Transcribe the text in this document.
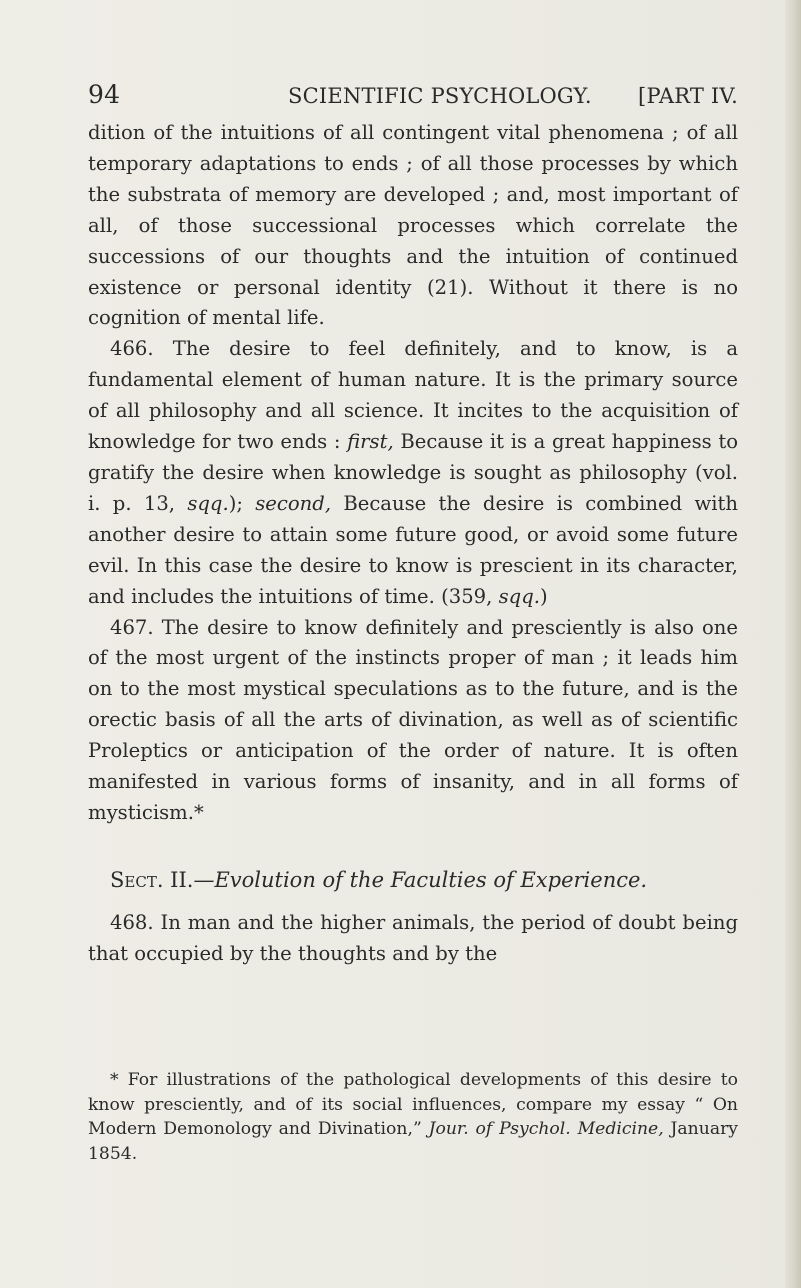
94	SCIENTIFIC PSYCHOLOGY. [PART IV.

dition of the intuitions of all contingent vital phenomena ; of all temporary adaptations to ends ; of all those processes by which the substrata of memory are developed ; and, most important of all, of those successional processes which correlate the successions of our thoughts and the intuition of continued existence or personal identity (21). Without it there is no cognition of mental life.

466. The desire to feel definitely, and to know, is a fundamental element of human nature. It is the primary source of all philosophy and all science. It incites to the acquisition of knowledge for two ends : first, Because it is a great happiness to gratify the desire when knowledge is sought as philosophy (vol. i. p. 13, sqq.); second, Because the desire is combined with another desire to attain some future good, or avoid some future evil. In this case the desire to know is prescient in its character, and includes the intuitions of time. (359, sqq.)

467. The desire to know definitely and presciently is also one of the most urgent of the instincts proper of man ; it leads him on to the most mystical speculations as to the future, and is the orectic basis of all the arts of divination, as well as of scientific Proleptics or anticipation of the order of nature. It is often manifested in various forms of insanity, and in all forms of mysticism.*

Sect. II.—Evolution of the Faculties of Experience.

468. In man and the higher animals, the period of doubt being that occupied by the thoughts and by the

* For illustrations of the pathological developments of this desire to know presciently, and of its social influences, compare my essay “ On Modern Demonology and Divination,” Jour. of Psychol. Medicine, January 1854.
